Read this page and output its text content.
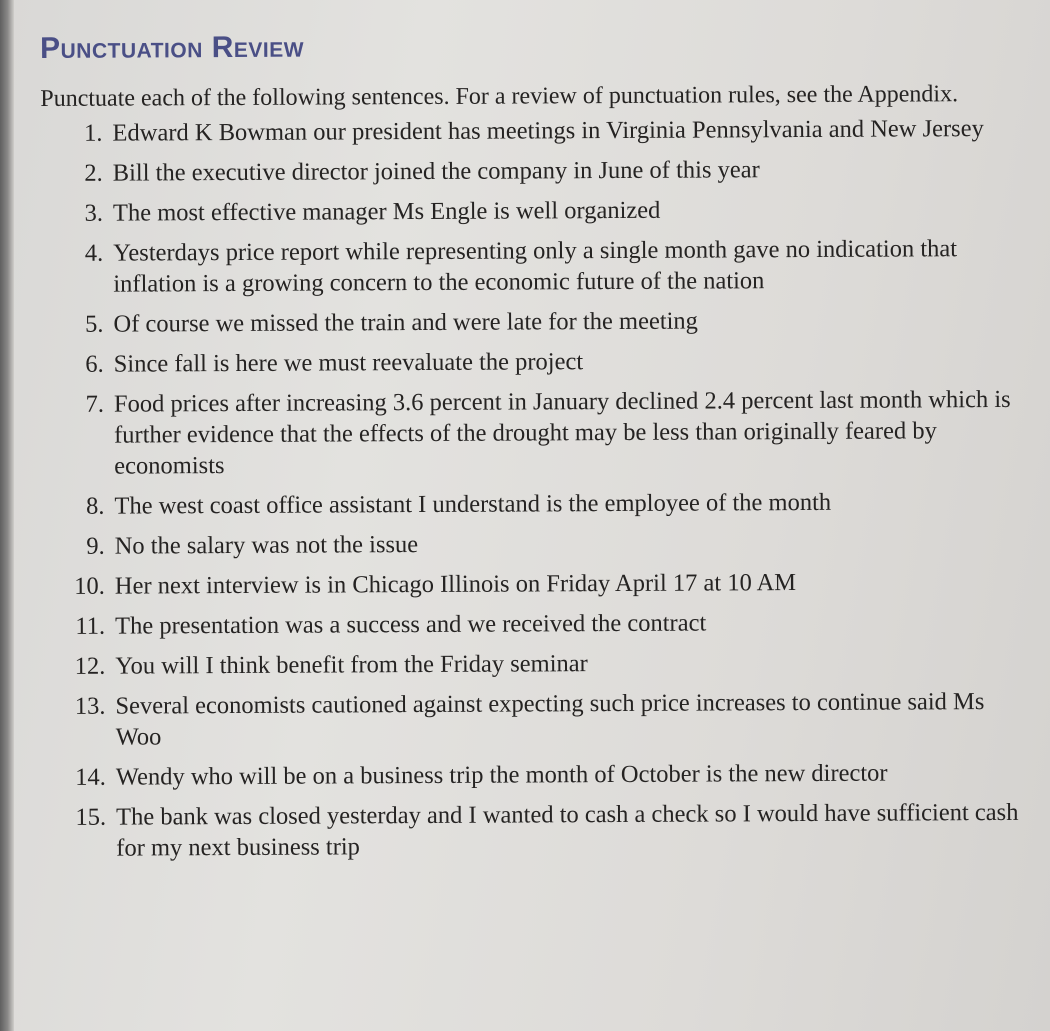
Punctuation Review

Punctuate each of the following sentences. For a review of punctuation rules, see the Appendix.

1. Edward K Bowman our president has meetings in Virginia Pennsylvania and New Jersey
2. Bill the executive director joined the company in June of this year
3. The most effective manager Ms Engle is well organized
4. Yesterdays price report while representing only a single month gave no indication that inflation is a growing concern to the economic future of the nation
5. Of course we missed the train and were late for the meeting
6. Since fall is here we must reevaluate the project
7. Food prices after increasing 3.6 percent in January declined 2.4 percent last month which is further evidence that the effects of the drought may be less than originally feared by economists
8. The west coast office assistant I understand is the employee of the month
9. No the salary was not the issue
10. Her next interview is in Chicago Illinois on Friday April 17 at 10 AM
11. The presentation was a success and we received the contract
12. You will I think benefit from the Friday seminar
13. Several economists cautioned against expecting such price increases to continue said Ms Woo
14. Wendy who will be on a business trip the month of October is the new director
15. The bank was closed yesterday and I wanted to cash a check so I would have sufficient cash for my next business trip
